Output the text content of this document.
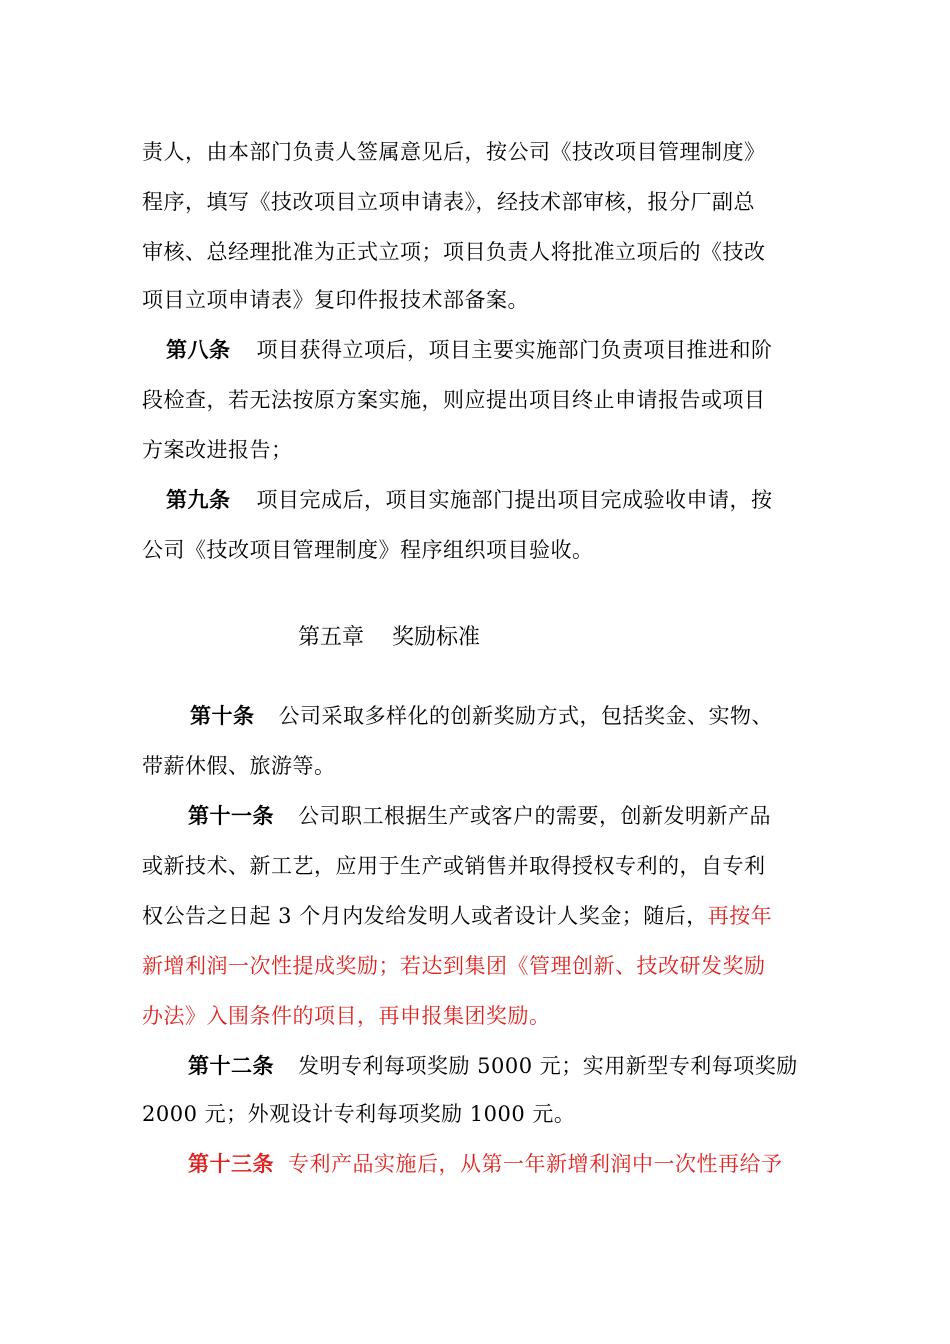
责人，由本部门负责人签属意见后，按公司《技改项目管理制度》
程序，填写《技改项目立项申请表》，经技术部审核，报分厂副总
审核、总经理批准为正式立项；项目负责人将批准立项后的《技改
项目立项申请表》复印件报技术部备案。
第八条 项目获得立项后，项目主要实施部门负责项目推进和阶
段检查，若无法按原方案实施，则应提出项目终止申请报告或项目
方案改进报告；
第九条 项目完成后，项目实施部门提出项目完成验收申请，按
公司《技改项目管理制度》程序组织项目验收。
第五章 奖励标准
第十条 公司采取多样化的创新奖励方式，包括奖金、实物、
带薪休假、旅游等。
第十一条 公司职工根据生产或客户的需要，创新发明新产品
或新技术、新工艺，应用于生产或销售并取得授权专利的，自专利
权公告之日起 3 个月内发给发明人或者设计人奖金；随后，再按年
新增利润一次性提成奖励；若达到集团《管理创新、技改研发奖励
办法》入围条件的项目，再申报集团奖励。
第十二条 发明专利每项奖励 5000 元；实用新型专利每项奖励
2000 元；外观设计专利每项奖励 1000 元。
第十三条 专利产品实施后，从第一年新增利润中一次性再给予
